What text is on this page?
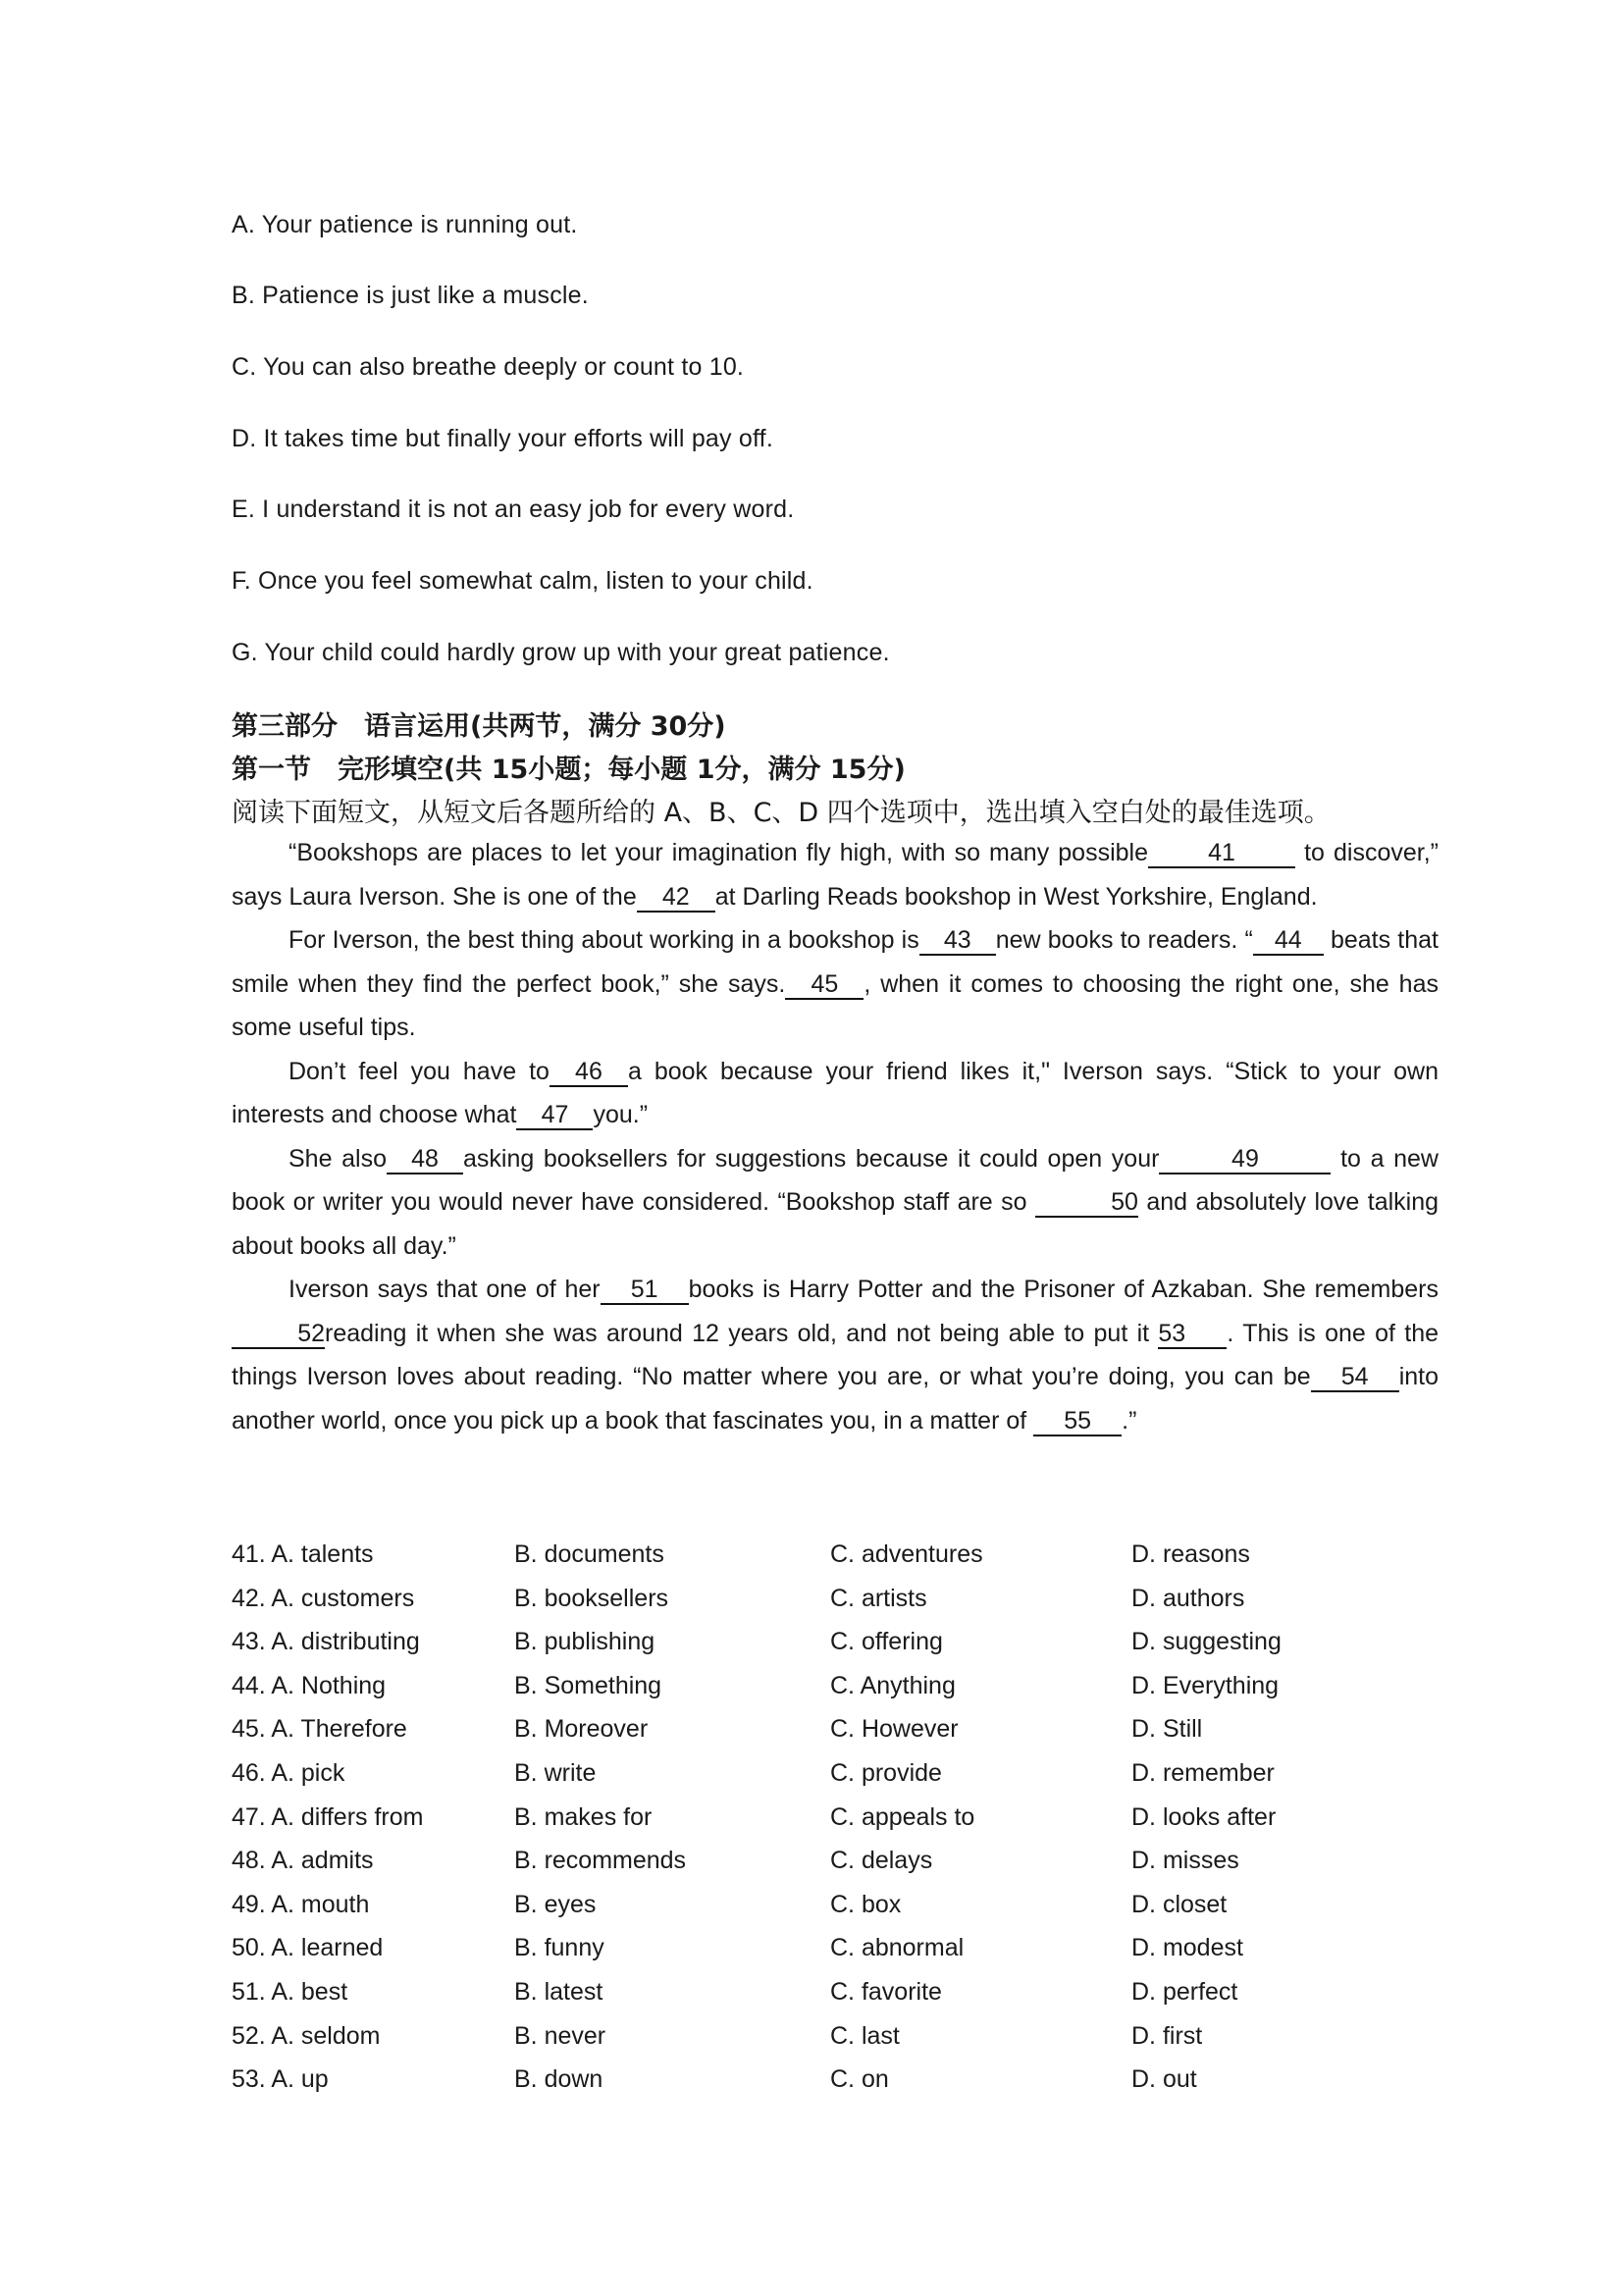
A. Your patience is running out.
B. Patience is just like a muscle.
C. You can also breathe deeply or count to 10.
D. It takes time but finally your efforts will pay off.
E. I understand it is not an easy job for every word.
F. Once you feel somewhat calm, listen to your child.
G. Your child could hardly grow up with your great patience.
第三部分　语言运用(共两节，满分 30分)
第一节　完形填空(共 15小题；每小题 1分，满分 15分)
阅读下面短文，从短文后各题所给的 A、B、C、D 四个选项中，选出填入空白处的最佳选项。

“Bookshops are places to let your imagination fly high, with so many possible 41	to discover,” says Laura Iverson. She is one of the 42 at Darling Reads bookshop in West Yorkshire, England.

For Iverson, the best thing about working in a bookshop is 43 new books to readers. “ 44 beats that smile when they find the perfect book,” she says. 45 , when it comes to choosing the right one, she has some useful tips.

Don’t feel you have to 46 a book because your friend likes it," Iverson says. “Stick to your own interests and choose what 47 you.”

She also 48 asking booksellers for suggestions because it could open your	49	to a new book or writer you would never have considered. “Bookshop staff are so	50 and absolutely love talking about books all day.”

Iverson says that one of her 51 books is Harry Potter and the Prisoner of Azkaban. She remembers52reading it when she was around 12 years old, and not being able to put it 53 . This is one of the things Iverson loves about reading. “No matter where you are, or what you’re doing, you can be 54 into another world, once you pick up a book that fascinates you, in a matter of 55 .”

41. A. talents	B. documents	C. adventures	D. reasons
42. A. customers	B. booksellers	C. artists	D. authors
43. A. distributing	B. publishing	C. offering	D. suggesting
44. A. Nothing	B. Something	C. Anything	D. Everything
45. A. Therefore	B. Moreover	C. However	D. Still
46. A. pick	B. write	C. provide	D. remember
47. A. differs from	B. makes for	C. appeals to	D. looks after
48. A. admits	B. recommends	C. delays	D. misses
49. A. mouth	B. eyes	C. box	D. closet
50. A. learned	B. funny	C. abnormal	D. modest
51. A. best	B. latest	C. favorite	D. perfect
52. A. seldom	B. never	C. last	D. first
53. A. up	B. down	C. on	D. out
